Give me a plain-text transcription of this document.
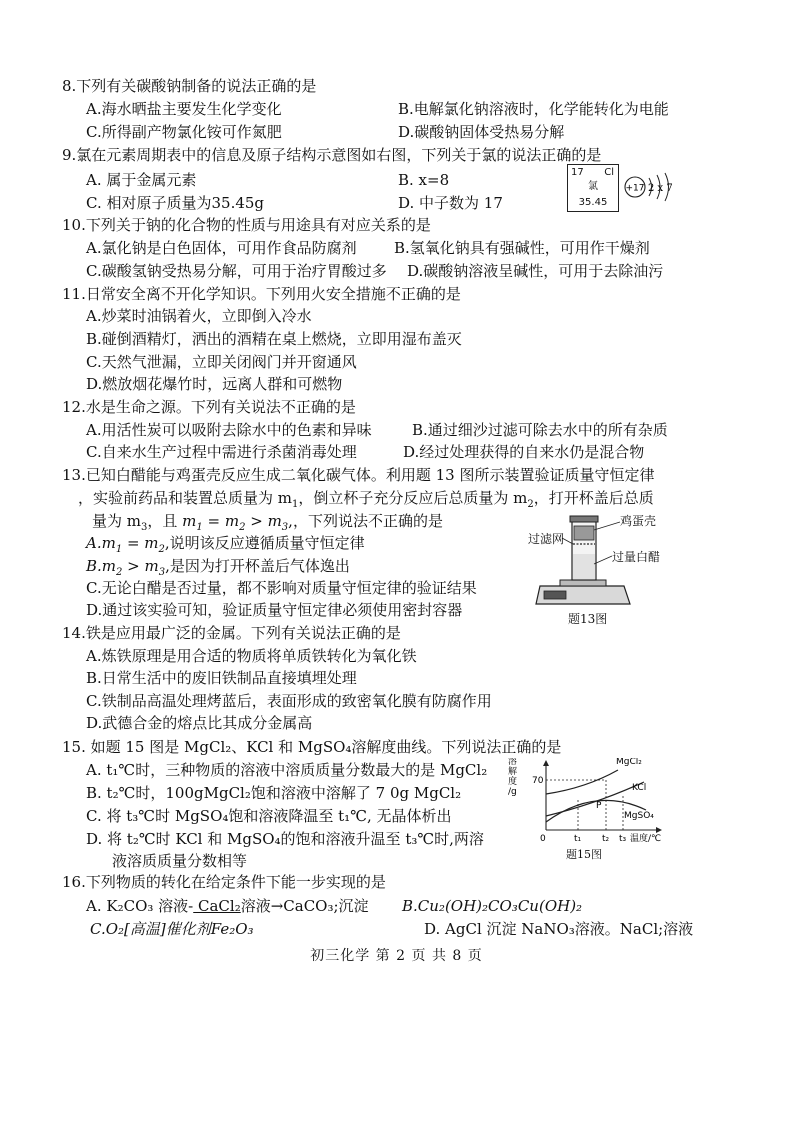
8.下列有关碳酸钠制备的说法正确的是
A.海水晒盐主要发生化学变化	B.电解氯化钠溶液时，化学能转化为电能
C.所得副产物氯化铵可作氮肥	D.碳酸钠固体受热易分解
9.氯在元素周期表中的信息及原子结构示意图如右图，下列关于氯的说法正确的是
A. 属于金属元素	B. x=8
C. 相对原子质量为35.45g	D. 中子数为 17
17 Cl
氯
35.45
+17 2 x 7
10.下列关于钠的化合物的性质与用途具有对应关系的是
A.氯化钠是白色固体，可用作食品防腐剂 B.氢氧化钠具有强碱性，可用作干燥剂
C.碳酸氢钠受热易分解，可用于治疗胃酸过多 D.碳酸钠溶液呈碱性，可用于去除油污
11.日常安全离不开化学知识。下列用火安全措施不正确的是
A.炒菜时油锅着火，立即倒入冷水
B.碰倒酒精灯，洒出的酒精在桌上燃烧，立即用湿布盖灭
C.天然气泄漏，立即关闭阀门并开窗通风
D.燃放烟花爆竹时，远离人群和可燃物
12.水是生命之源。下列有关说法不正确的是
A.用活性炭可以吸附去除水中的色素和异味	B.通过细沙过滤可除去水中的所有杂质
C.自来水生产过程中需进行杀菌消毒处理	D.经过处理获得的自来水仍是混合物
13.已知白醋能与鸡蛋壳反应生成二氧化碳气体。利用题 13 图所示装置验证质量守恒定律
，实验前药品和装置总质量为 $m_1$，倒立杯子充分反应后总质量为 $m_2$，打开杯盖后总质
量为 $m_3$，且 $m_1 = m_2 > m_3$,，下列说法不正确的是
$A.m_1 = m_2$,说明该反应遵循质量守恒定律
$B.m_2 > m_3$,是因为打开杯盖后气体逸出
C.无论白醋是否过量，都不影响对质量守恒定律的验证结果
D.通过该实验可知，验证质量守恒定律必须使用密封容器
鸡蛋壳
过滤网
过量白醋
题13图
14.铁是应用最广泛的金属。下列有关说法正确的是
A.炼铁原理是用合适的物质将单质铁转化为氧化铁
B.日常生活中的废旧铁制品直接填埋处理
C.铁制品高温处理烤蓝后，表面形成的致密氧化膜有防腐作用
D.武德合金的熔点比其成分金属高
15. 如题 15 图是 MgCl₂、KCl 和 MgSO₄溶解度曲线。下列说法正确的是
A. t₁℃时，三种物质的溶液中溶质质量分数最大的是 MgCl₂
B. t₂℃时，100gMgCl₂饱和溶液中溶解了 7 0g MgCl₂
C. 将 t₃℃时 MgSO₄饱和溶液降温至 t₁℃, 无晶体析出
D. 将 t₂℃时 KCl 和 MgSO₄的饱和溶液升温至 t₃℃时,两溶
液溶质质量分数相等
溶
解
度
/g
70
MgCl₂
KCl
MgSO₄
P
0	t₁ t₂ t₃ 温度/℃
题15图
16.下列物质的转化在给定条件下能一步实现的是
A. K₂CO₃ 溶液- CaCl₂溶液→CaCO₃;沉淀 B.Cu₂(OH)₂CO₃Cu(OH)₂
C.O₂[高温]催化剂Fe₂O₃	D. AgCl 沉淀 NaNO₃溶液。NaCl;溶液
初三化学 第 2 页 共 8 页
